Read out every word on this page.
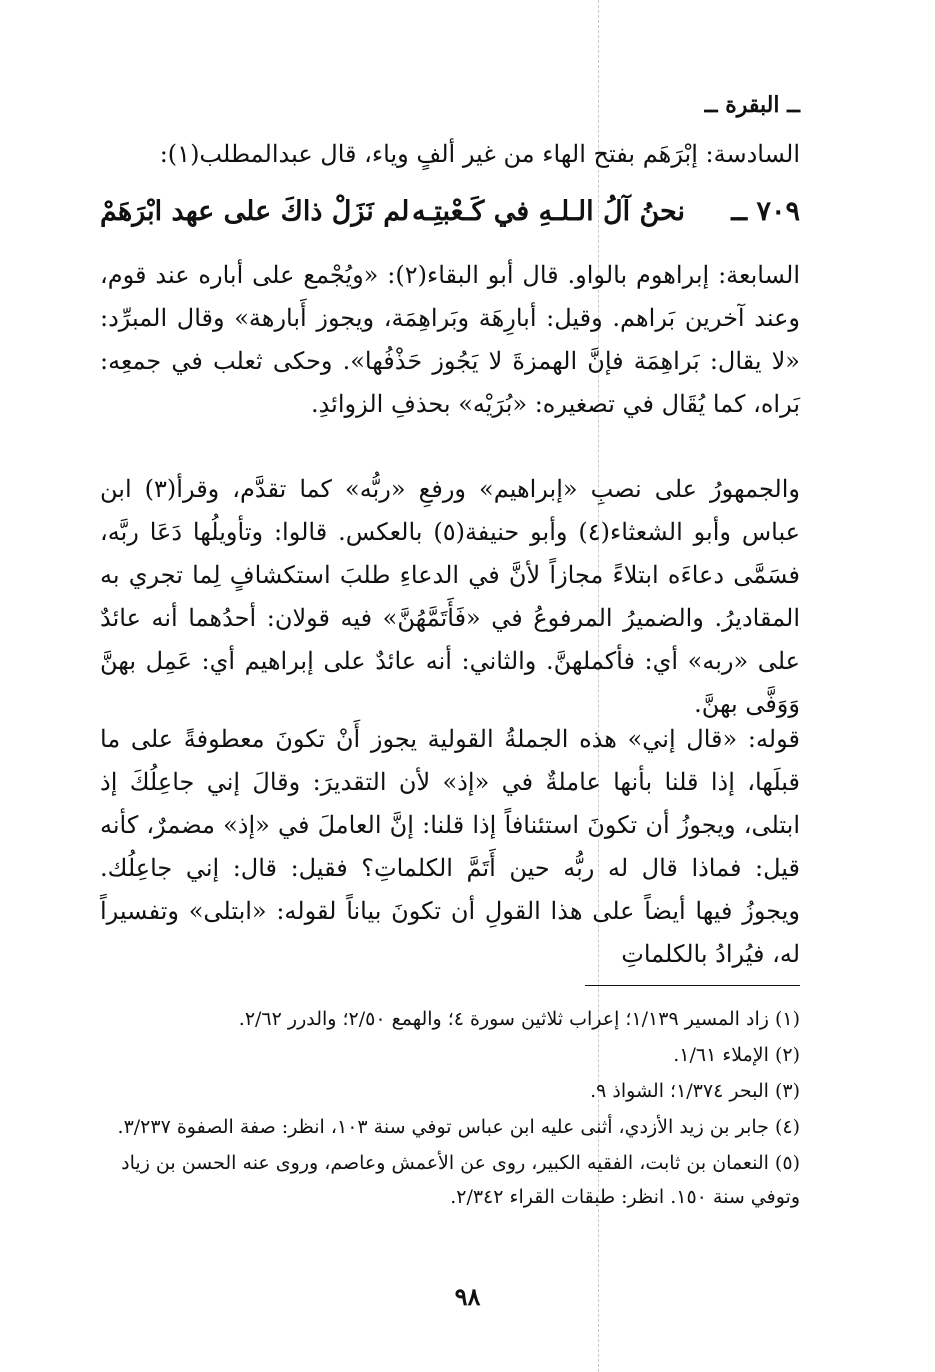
ــ البقرة ــ

السادسة: إبْرَهَم بفتح الهاء من غير ألفٍ وياء، قال عبدالمطلب(١):

٧٠٩ ــ
نحنُ آلُ الـلـهِ في كَـعْبتِـه
لم نَزَلْ ذاكَ على عهد ابْرَهَمْ

السابعة: إبراهوم بالواو. قال أبو البقاء(٢): «ويُجْمع على أباره عند قوم، وعند آخرين بَراهم. وقيل: أبارِهَة وبَراهِمَة، ويجوز أَبارهة» وقال المبرِّد: «لا يقال: بَراهِمَة فإنَّ الهمزةَ لا يَجُوز حَذْفُها». وحكى ثعلب في جمعِه: بَراه، كما يُقَال في تصغيره: «بُرَيْه» بحذفِ الزوائدِ.

والجمهورُ على نصبِ «إبراهيم» ورفعِ «ربُّه» كما تقدَّم، وقرأ(٣) ابن عباس وأبو الشعثاء(٤) وأبو حنيفة(٥) بالعكس. قالوا: وتأويلُها دَعَا ربَّه، فسَمَّى دعاءَه ابتلاءً مجازاً لأنَّ في الدعاءِ طلبَ استكشافٍ لِما تجري به المقاديرُ. والضميرُ المرفوعُ في «فَأَتَمَّهُنَّ» فيه قولان: أحدُهما أنه عائدٌ على «ربه» أي: فأكملهنَّ. والثاني: أنه عائدٌ على إبراهيم أي: عَمِل بهنَّ وَوَفَّى بهنَّ.

قوله: «قال إني» هذه الجملةُ القولية يجوز أَنْ تكونَ معطوفةً على ما قبلَها، إذا قلنا بأنها عاملةٌ في «إذ» لأن التقديرَ: وقالَ إني جاعِلُكَ إذ ابتلى، ويجوزُ أن تكونَ استئنافاً إذا قلنا: إنَّ العاملَ في «إذ» مضمرٌ، كأنه قيل: فماذا قال له ربُّه حين أَتَمَّ الكلماتِ؟ فقيل: قال: إني جاعِلُك. ويجوزُ فيها أيضاً على هذا القولِ أن تكونَ بياناً لقوله: «ابتلى» وتفسيراً له، فيُرادُ بالكلماتِ

(١) زاد المسير ١/١٣٩؛ إعراب ثلاثين سورة ٤؛ والهمع ٢/٥٠؛ والدرر ٢/٦٢.
(٢) الإملاء ١/٦١.
(٣) البحر ١/٣٧٤؛ الشواذ ٩.
(٤) جابر بن زيد الأزدي، أثنى عليه ابن عباس توفي سنة ١٠٣، انظر: صفة الصفوة ٣/٢٣٧.
(٥) النعمان بن ثابت، الفقيه الكبير، روى عن الأعمش وعاصم، وروى عنه الحسن بن زياد وتوفي سنة ١٥٠. انظر: طبقات القراء ٢/٣٤٢.
٩٨
